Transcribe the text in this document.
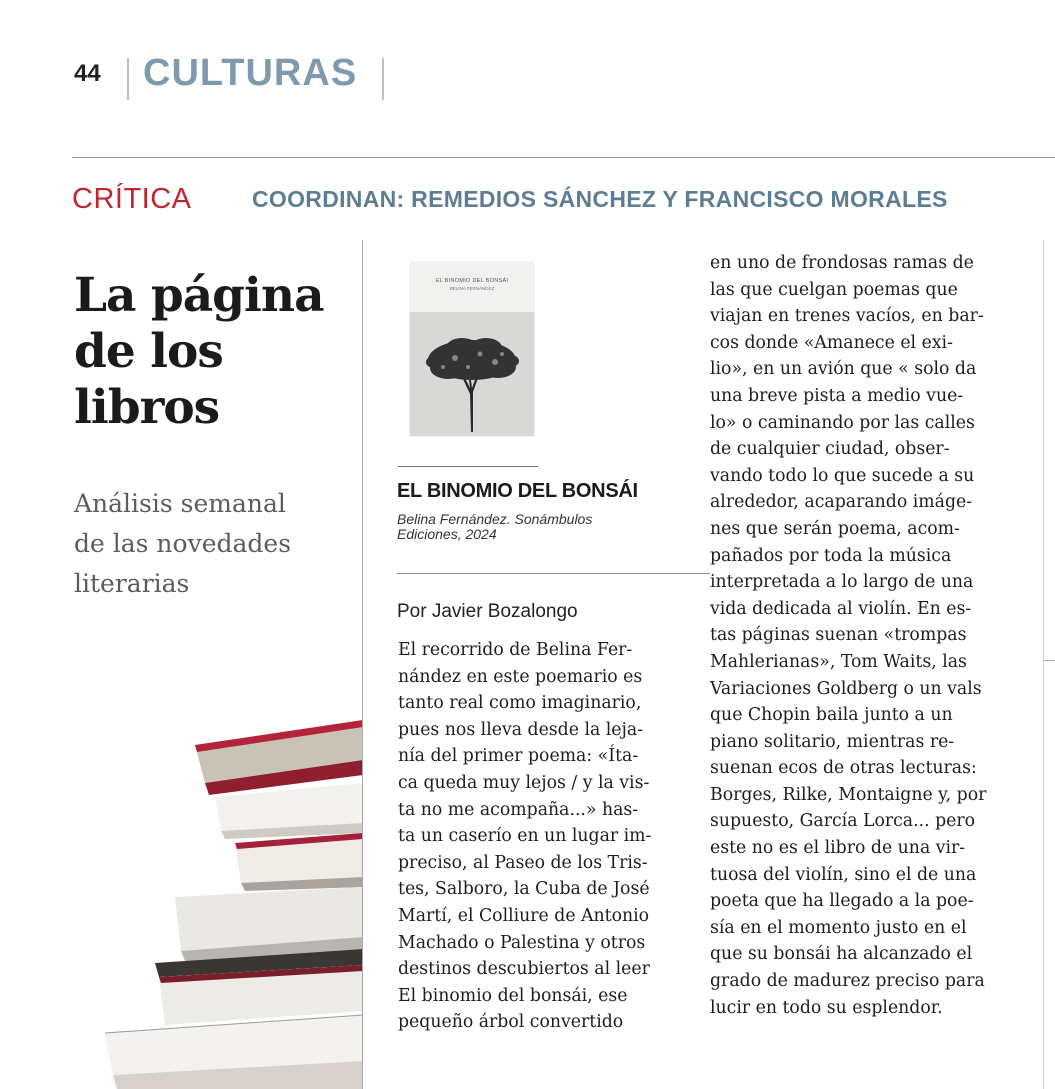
44 CULTURAS
CRÍTICA	COORDINAN: REMEDIOS SÁNCHEZ Y FRANCISCO MORALES
La página
de los
libros

Análisis semanal
de las novedades
literarias

EL BINOMIO DEL BONSÁI
BELINA FERNÁNDEZ
EL BINOMIO DEL BONSÁI

Belina Fernández. Sonámbulos
Ediciones, 2024

Por Javier Bozalongo

El recorrido de Belina Fer-
nández en este poemario es
tanto real como imaginario,
pues nos lleva desde la leja-
nía del primer poema: «Íta-
ca queda muy lejos / y la vis-
ta no me acompaña...» has-
ta un caserío en un lugar im-
preciso, al Paseo de los Tris-
tes, Salboro, la Cuba de José
Martí, el Colliure de Antonio
Machado o Palestina y otros
destinos descubiertos al leer
El binomio del bonsái, ese
pequeño árbol convertido

en uno de frondosas ramas de
las que cuelgan poemas que
viajan en trenes vacíos, en bar-
cos donde «Amanece el exi-
lio», en un avión que « solo da
una breve pista a medio vue-
lo» o caminando por las calles
de cualquier ciudad, obser-
vando todo lo que sucede a su
alrededor, acaparando imáge-
nes que serán poema, acom-
pañados por toda la música
interpretada a lo largo de una
vida dedicada al violín. En es-
tas páginas suenan «trompas
Mahlerianas», Tom Waits, las
Variaciones Goldberg o un vals
que Chopin baila junto a un
piano solitario, mientras re-
suenan ecos de otras lecturas:
Borges, Rilke, Montaigne y, por
supuesto, García Lorca... pero
este no es el libro de una vir-
tuosa del violín, sino el de una
poeta que ha llegado a la poe-
sía en el momento justo en el
que su bonsái ha alcanzado el
grado de madurez preciso para
lucir en todo su esplendor.
